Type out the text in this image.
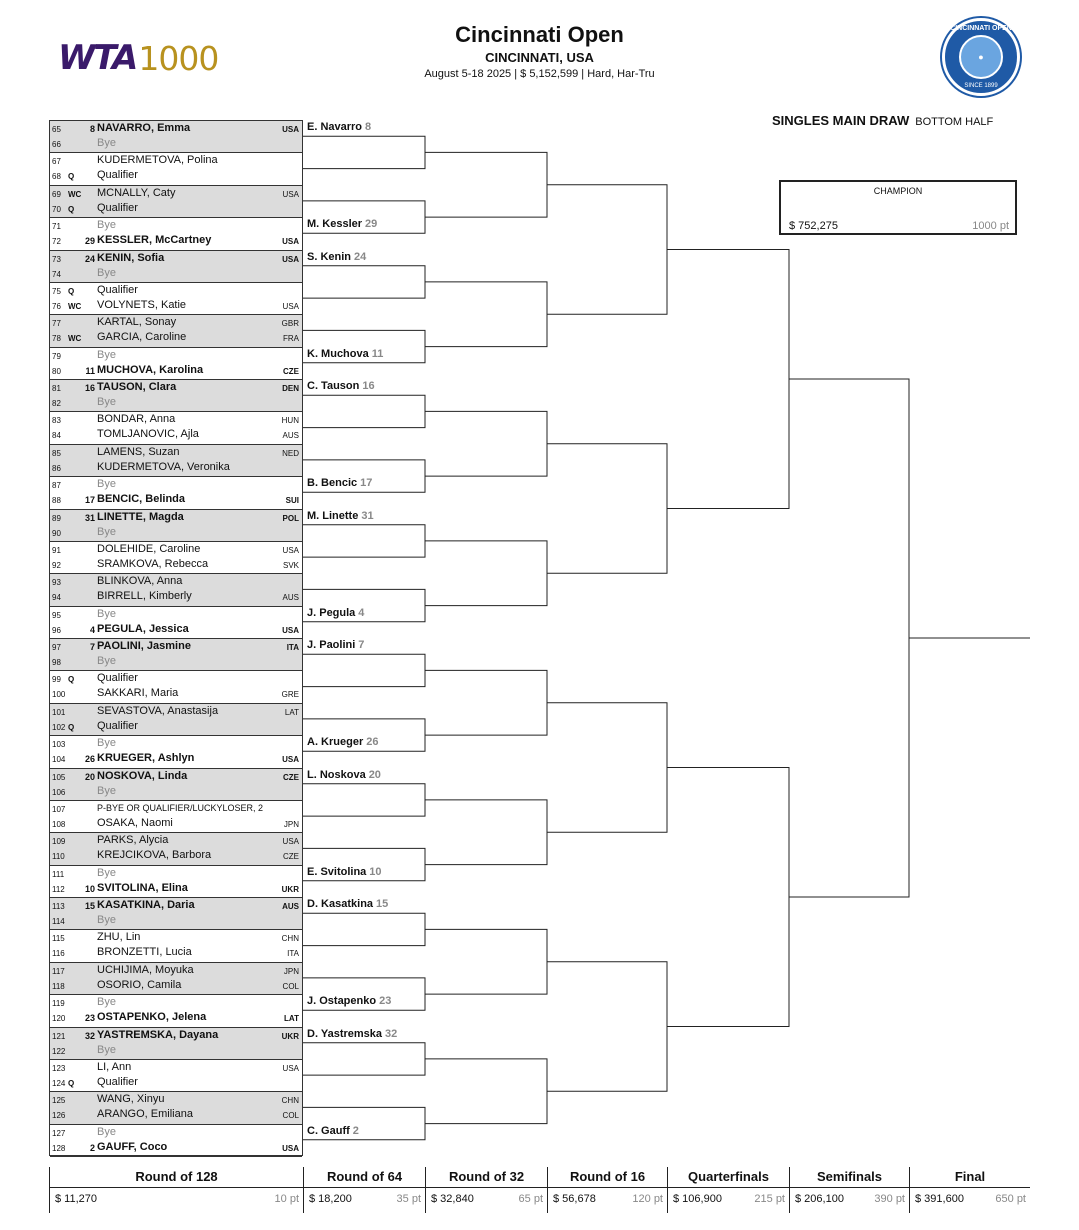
WTA 1000
Cincinnati Open
CINCINNATI, USA
August 5-18 2025 | $ 5,152,599 | Hard, Har-Tru
CINCINNATI OPEN
●
SINCE 1899
SINGLES MAIN DRAW BOTTOM HALF
CHAMPION
$ 752,275	1000 pt
65	8 NAVARRO, Emma	USA
66	Bye
67	KUDERMETOVA, Polina
68 Q Qualifier
69 WC MCNALLY, Caty	USA
70 Q Qualifier
71	Bye
72	29 KESSLER, McCartney	USA
73	24 KENIN, Sofia	USA
74	Bye
75 Q Qualifier
76 WC VOLYNETS, Katie	USA
77	KARTAL, Sonay	GBR
78 WC GARCIA, Caroline	FRA
79	Bye
80	11 MUCHOVA, Karolina	CZE
81	16 TAUSON, Clara	DEN
82	Bye
83	BONDAR, Anna	HUN
84	TOMLJANOVIC, Ajla	AUS
85	LAMENS, Suzan	NED
86	KUDERMETOVA, Veronika
87	Bye
88	17 BENCIC, Belinda	SUI
89	31 LINETTE, Magda	POL
90	Bye
91	DOLEHIDE, Caroline	USA
92	SRAMKOVA, Rebecca	SVK
93	BLINKOVA, Anna
94	BIRRELL, Kimberly	AUS
95	Bye
96	4 PEGULA, Jessica	USA
97	7 PAOLINI, Jasmine	ITA
98	Bye
99 Q Qualifier
100	SAKKARI, Maria	GRE
101	SEVASTOVA, Anastasija	LAT
102 Q Qualifier
103	Bye
104	26 KRUEGER, Ashlyn	USA
105	20 NOSKOVA, Linda	CZE
106	Bye
107	P-BYE OR QUALIFIER/LUCKYLOSER, 2
108	OSAKA, Naomi	JPN
109	PARKS, Alycia	USA
110	KREJCIKOVA, Barbora	CZE
111	Bye
112	10 SVITOLINA, Elina	UKR
113	15 KASATKINA, Daria	AUS
114	Bye
115	ZHU, Lin	CHN
116	BRONZETTI, Lucia	ITA
117	UCHIJIMA, Moyuka	JPN
118	OSORIO, Camila	COL
119	Bye
120	23 OSTAPENKO, Jelena	LAT
121	32 YASTREMSKA, Dayana	UKR
122	Bye
123	LI, Ann	USA
124 Q Qualifier
125	WANG, Xinyu	CHN
126	ARANGO, Emiliana	COL
127	Bye
128	2 GAUFF, Coco	USA
E. Navarro 8
M. Kessler 29
S. Kenin 24
K. Muchova 11
C. Tauson 16
B. Bencic 17
M. Linette 31
J. Pegula 4
J. Paolini 7
A. Krueger 26
L. Noskova 20
E. Svitolina 10
D. Kasatkina 15
J. Ostapenko 23
D. Yastremska 32
C. Gauff 2
Round of 128
$ 11,270	10 pt
Round of 64
$ 18,200	35 pt
Round of 32
$ 32,840	65 pt
Round of 16
$ 56,678	120 pt
Quarterfinals
$ 106,900	215 pt
Semifinals
$ 206,100	390 pt
Final
$ 391,600	650 pt
